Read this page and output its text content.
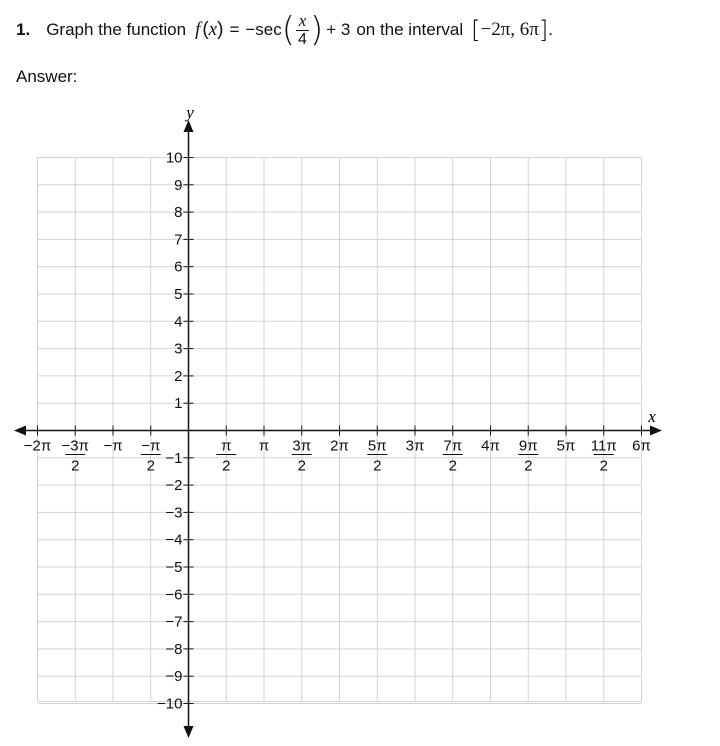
1. Graph the function f ( x ) = −sec ( $\frac{x}{4}$ ) + 3 on the interval [ −2π, 6π ] .
Answer:
−2π −3π
2
−π −π
2
π
2
π 3π
2
2π 5π
2
3π 7π
2
4π 9π
2
5π 11π
2
6π
10
9
8
7
6
5
4
3
2
1
−1
−2
−3
−4
−5
−6
−7
−8
−9
−10
x
y
